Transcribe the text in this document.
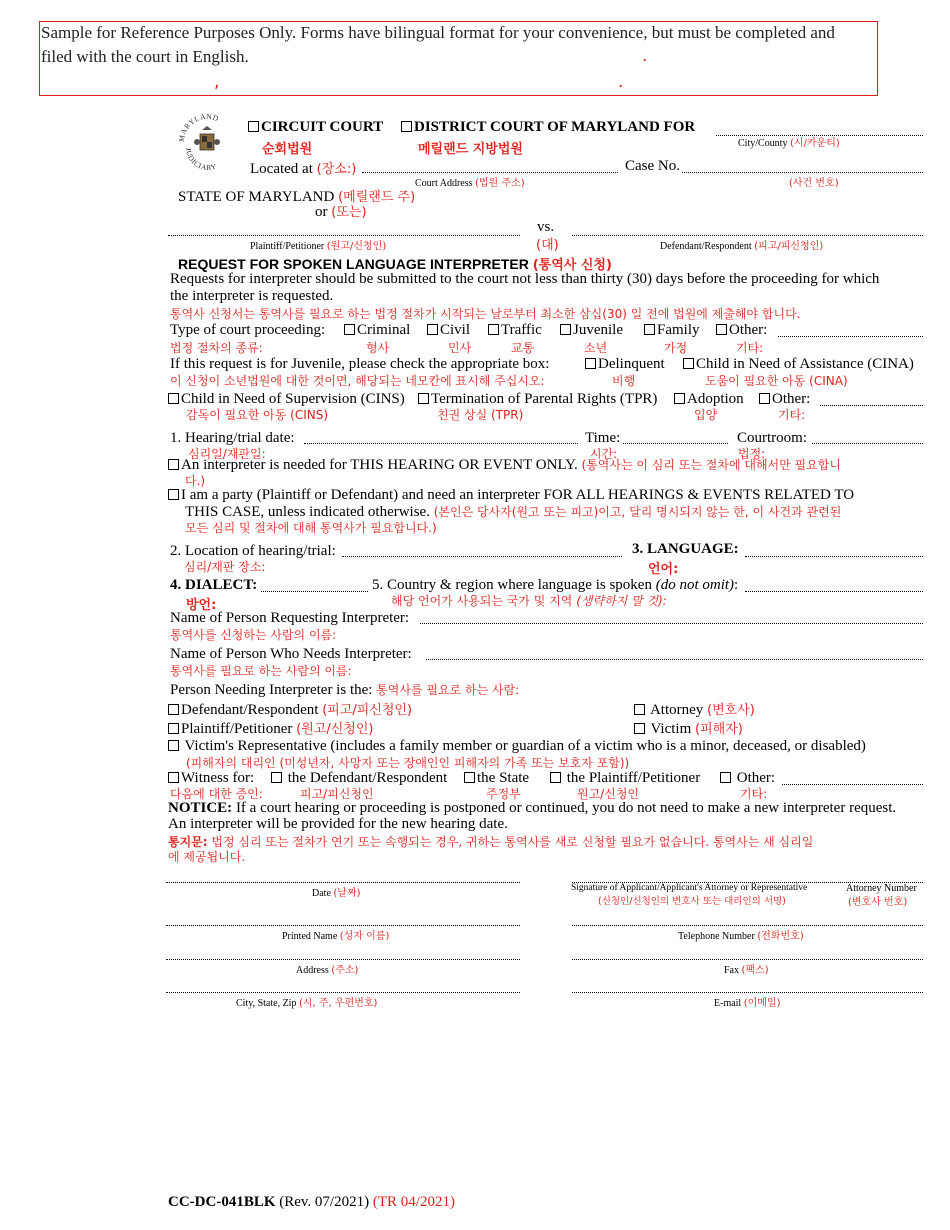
Sample for Reference Purposes Only. Forms have bilingual format for your convenience, but must be completed and filed with the court in English.	.
,	.
MARYLAND
JUDICIARY
CIRCUIT COURT
순회법원
DISTRICT COURT OF MARYLAND FOR
메릴랜드 지방법원	City/County (시/카운티)
Located at (장소:)
Court Address (법원 주소)
Case No.
(사건 번호)
STATE OF MARYLAND (메릴랜드 주)
or (또는)
Plaintiff/Petitioner (원고/신청인)
vs.
(대)	Defendant/Respondent (피고/피신청인)
REQUEST FOR SPOKEN LANGUAGE INTERPRETER (통역사 신청)
Requests for interpreter should be submitted to the court not less than thirty (30) days before the proceeding for which
the interpreter is requested.
통역사 신청서는 통역사를 필요로 하는 법정 절차가 시작되는 날로부터 최소한 삼십(30) 일 전에 법원에 제출해야 합니다.
Type of court proceeding:
법정 절차의 종류:
Criminal
형사
Civil
민사
Traffic
교통
Juvenile
소년
Family
가정
Other:
기타:
If this request is for Juvenile, please check the appropriate box:
이 신청이 소년법원에 대한 것이면, 해당되는 네모칸에 표시해 주십시오:
Delinquent
비행
Child in Need of Assistance (CINA)
도움이 필요한 아동 (CINA)
Child in Need of Supervision (CINS)
감독이 필요한 아동 (CINS)
Termination of Parental Rights (TPR)
친권 상실 (TPR)
Adoption
입양
Other:
기타:
1. Hearing/trial date:
심리일/재판일:
Time:
시간:
Courtroom:
법정:
An interpreter is needed for THIS HEARING OR EVENT ONLY. (통역사는 이 심리 또는 절차에 대해서만 필요합니
다.)
I am a party (Plaintiff or Defendant) and need an interpreter FOR ALL HEARINGS & EVENTS RELATED TO
THIS CASE, unless indicated otherwise. (본인은 당사자(원고 또는 피고)이고, 달리 명시되지 않는 한, 이 사건과 관련된
모든 심리 및 절차에 대해 통역사가 필요합니다.)
2. Location of hearing/trial:
심리/재판 장소:
3. LANGUAGE:
언어:
4. DIALECT:
방언:
5. Country & region where language is spoken (do not omit):
해당 언어가 사용되는 국가 및 지역 (생략하지 말 것):
Name of Person Requesting Interpreter:
통역사를 신청하는 사람의 이름:
Name of Person Who Needs Interpreter:
통역사를 필요로 하는 사람의 이름:
Person Needing Interpreter is the: 통역사를 필요로 하는 사람:
Defendant/Respondent (피고/피신청인)	Attorney (변호사)
Plaintiff/Petitioner (원고/신청인)	Victim (피해자)
Victim's Representative (includes a family member or guardian of a victim who is a minor, deceased, or disabled)
(피해자의 대리인 (미성년자, 사망자 또는 장애인인 피해자의 가족 또는 보호자 포함))
Witness for:
다음에 대한 증인:
the Defendant/Respondent
피고/피신청인
the State
주정부
the Plaintiff/Petitioner
원고/신청인
Other:
기타:
NOTICE: If a court hearing or proceeding is postponed or continued, you do not need to make a new interpreter request.
An interpreter will be provided for the new hearing date.
통지문: 법정 심리 또는 절차가 연기 또는 속행되는 경우, 귀하는 통역사를 새로 신청할 필요가 없습니다. 통역사는 새 심리일
에 제공됩니다.
Date (날짜)	Signature of Applicant/Applicant's Attorney or Representative
(신청인/신청인의 변호사 또는 대리인의 서명)
Attorney Number
(변호사 번호)
Printed Name (성자 이름)	Telephone Number (전화번호)
Address (주소)	Fax (팩스)
City, State, Zip (시, 주, 우편번호)	E-mail (이메일)
CC-DC-041BLK (Rev. 07/2021) (TR 04/2021)
